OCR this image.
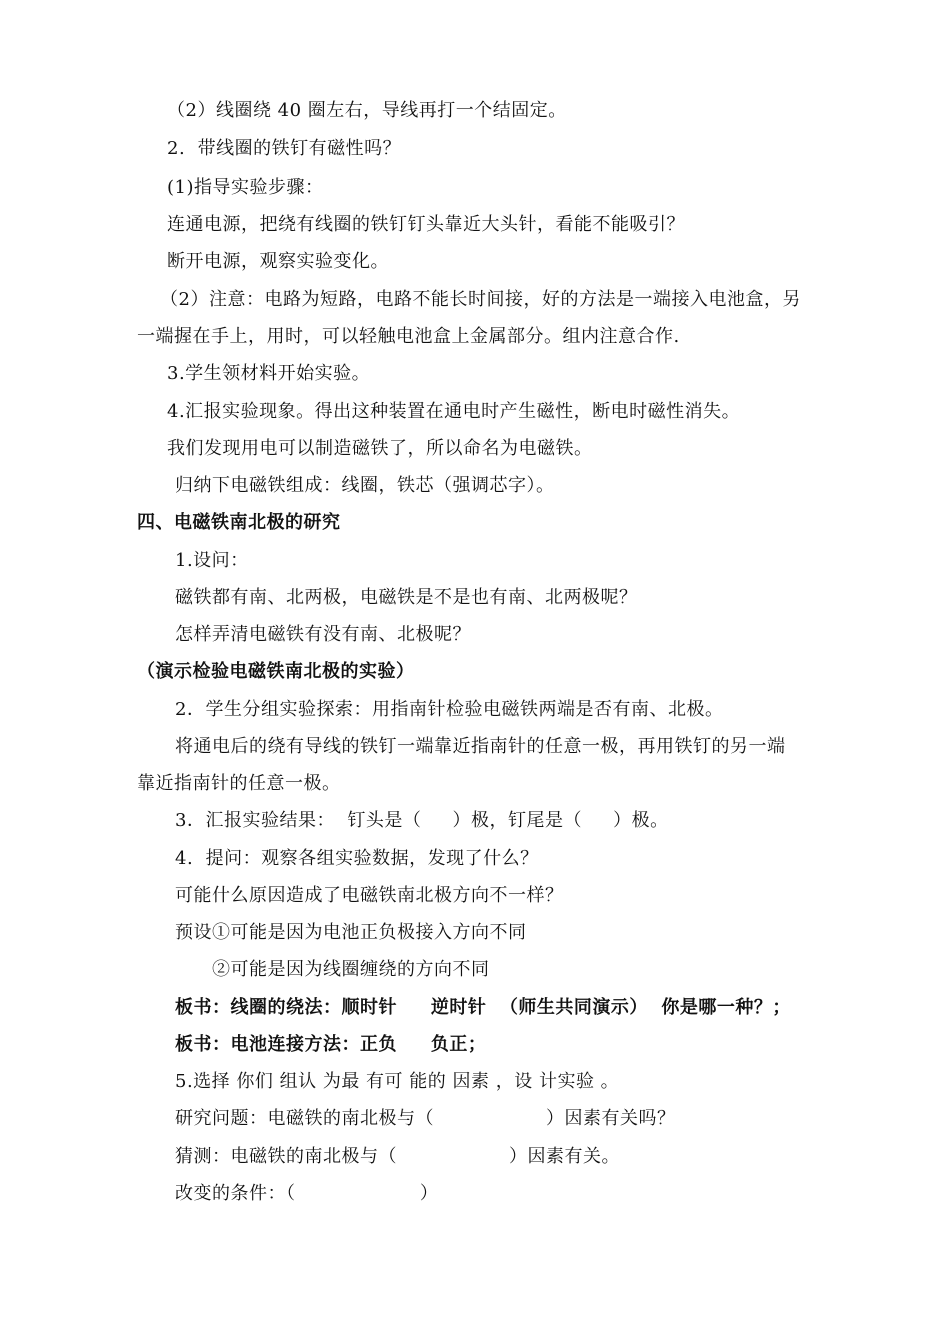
（2）线圈绕 40 圈左右，导线再打一个结固定。
2.  带线圈的铁钉有磁性吗？
(1)指导实验步骤：
连通电源，把绕有线圈的铁钉钉头靠近大头针，看能不能吸引？
断开电源，观察实验变化。
（2）注意：电路为短路，电路不能长时间接，好的方法是一端接入电池盒，另
一端握在手上，用时，可以轻触电池盒上金属部分。组内注意合作.
3.学生领材料开始实验。
4.汇报实验现象。得出这种装置在通电时产生磁性，断电时磁性消失。
我们发现用电可以制造磁铁了，所以命名为电磁铁。
归纳下电磁铁组成：线圈，铁芯（强调芯字）。
四、电磁铁南北极的研究
1.设问：
磁铁都有南、北两极，电磁铁是不是也有南、北两极呢？
怎样弄清电磁铁有没有南、北极呢？
（演示检验电磁铁南北极的实验）
2．学生分组实验探索：用指南针检验电磁铁两端是否有南、北极。
将通电后的绕有导线的铁钉一端靠近指南针的任意一极，再用铁钉的另一端
靠近指南针的任意一极。
3．汇报实验结果：  钉头是（     ）极，钉尾是（     ）极。
4.  提问：观察各组实验数据，发现了什么？
可能什么原因造成了电磁铁南北极方向不一样？
预设①可能是因为电池正负极接入方向不同
②可能是因为线圈缠绕的方向不同
板书：线圈的绕法：顺时针     逆时针  （师生共同演示）  你是哪一种？；
板书：电池连接方法：正负     负正；
5.选择 你们 组认 为最 有可 能的 因素 ，设 计实验 。
研究问题：电磁铁的南北极与（                  ）因素有关吗？
猜测：电磁铁的南北极与（                  ）因素有关。
改变的条件：（                    ）
